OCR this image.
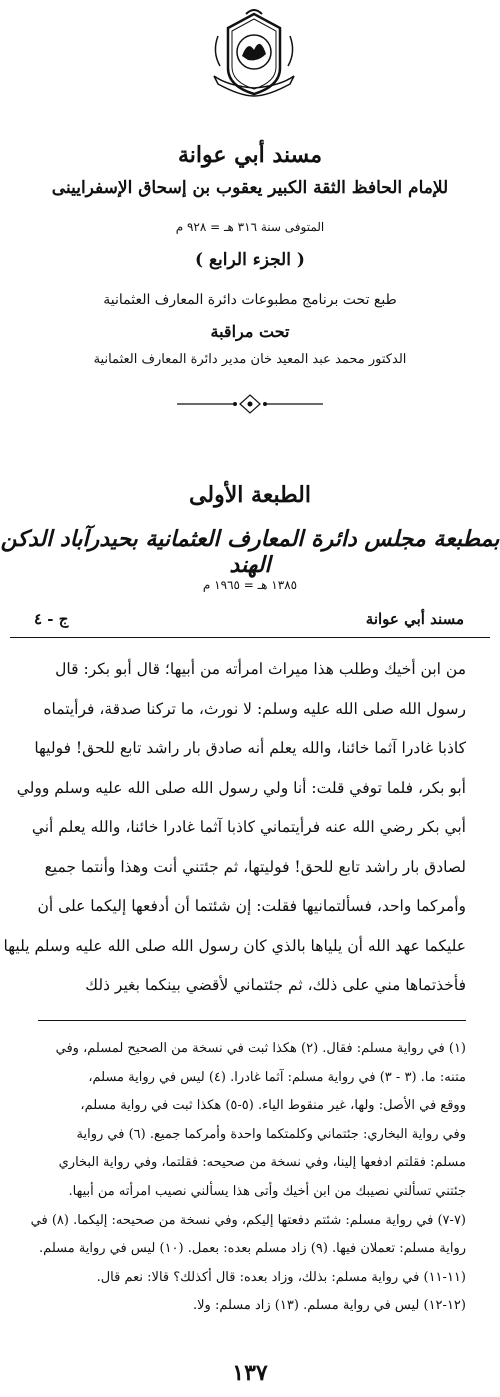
مسند أبي عوانة
للإمام الحافظ الثقة الكبير يعقوب بن إسحاق الإسفرايينى
المتوفى سنة ٣١٦ هـ = ٩٢٨ م
( الجزء الرابع )
طبع تحت برنامج مطبوعات دائرة المعارف العثمانية
تحت مراقبة
الدكتور محمد عبد المعيد خان مدير دائرة المعارف العثمانية
الطبعة الأولى
بمطبعة مجلس دائرة المعارف العثمانية بحيدرآباد الدكن الهند
١٣٨٥ هـ = ١٩٦٥ م
مسند أبي عوانة
ج - ٤
من ابن أخيك وطلب هذا ميراث امرأته من أبيها؛ قال أبو بكر: قال
رسول الله صلى الله عليه وسلم: لا نورث، ما تركنا صدقة، فرأيتماه
كاذبا غادرا آثما خائنا، والله يعلم أنه صادق بار راشد تابع للحق! فوليها
أبو بكر، فلما توفي قلت: أنا ولي رسول الله صلى الله عليه وسلم وولي
أبي بكر رضي الله عنه فرأيتماني كاذبا آثما غادرا خائنا، والله يعلم أني
لصادق بار راشد تابع للحق! فوليتها، ثم جئتني أنت وهذا وأنتما جميع
وأمركما واحد، فسألتمانيها فقلت: إن شئتما أن أدفعها إليكما على أن
عليكما عهد الله أن يلياها بالذي كان رسول الله صلى الله عليه وسلم يليها
فأخذتماها مني على ذلك، ثم جئتماني لأقضي بينكما بغير ذلك
(١) في رواية مسلم: فقال. (٢) هكذا ثبت في نسخة من الصحيح لمسلم، وفي
متنه: ما. (٣ - ٣) في رواية مسلم: آثما غادرا. (٤) ليس في رواية مسلم،
ووقع في الأصل: ولها، غير منقوط الياء. (٥-٥) هكذا ثبت في رواية مسلم،
وفي رواية البخاري: جئتماني وكلمتكما واحدة وأمركما جميع. (٦) في رواية
مسلم: فقلتم ادفعها إلينا، وفي نسخة من صحيحه: فقلتما، وفي رواية البخاري
جئتني تسألني نصيبك من ابن أخيك وأتى هذا يسألني نصيب امرأته من أبيها.
(٧-٧) في رواية مسلم: شئتم دفعتها إليكم، وفي نسخة من صحيحه: إليكما. (٨) في
رواية مسلم: تعملان فيها. (٩) زاد مسلم بعده: بعمل. (١٠) ليس في رواية مسلم.
(١١-١١) في رواية مسلم: بذلك، وزاد بعده: قال أكذلك؟ قالا: نعم قال.
(١٢-١٢) ليس في رواية مسلم. (١٣) زاد مسلم: ولا.
١٣٧
